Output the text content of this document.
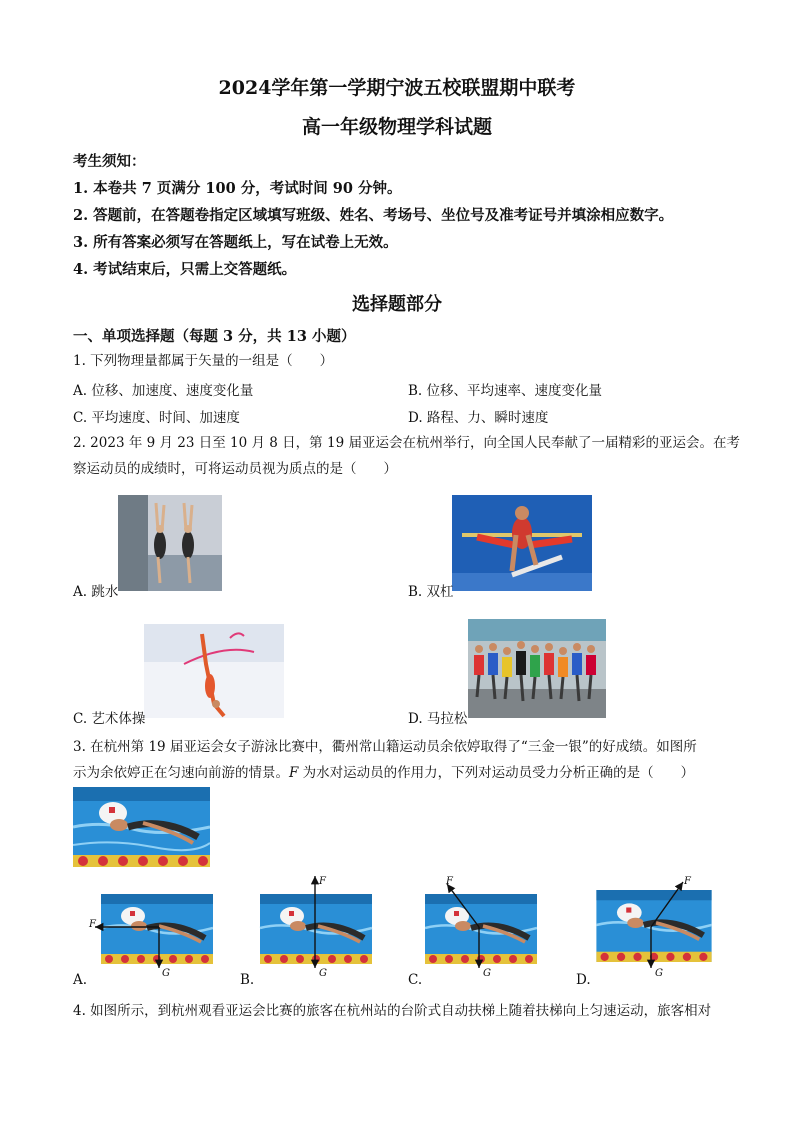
2024学年第一学期宁波五校联盟期中联考
高一年级物理学科试题
考生须知：
1. 本卷共 7 页满分 100 分，考试时间 90 分钟。
2. 答题前，在答题卷指定区域填写班级、姓名、考场号、坐位号及准考证号并填涂相应数字。
3. 所有答案必须写在答题纸上，写在试卷上无效。
4. 考试结束后，只需上交答题纸。
选择题部分
一、单项选择题（每题 3 分，共 13 小题）
1. 下列物理量都属于矢量的一组是（　　）
A. 位移、加速度、速度变化量	B. 位移、平均速率、速度变化量
C. 平均速度、时间、加速度	D. 路程、力、瞬时速度
2. 2023 年 9 月 23 日至 10 月 8 日，第 19 届亚运会在杭州举行，向全国人民奉献了一届精彩的亚运会。在考
察运动员的成绩时，可将运动员视为质点的是（　　）
A. 跳水	B. 双杠
C. 艺术体操	D. 马拉松
3. 在杭州第 19 届亚运会女子游泳比赛中，衢州常山籍运动员余依婷取得了“三金一银”的好成绩。如图所
示为余依婷正在匀速向前游的情景。F 为水对运动员的作用力，下列对运动员受力分析正确的是（　　）
F
G
F
G
F
G
F
G
A.	B.	C.	D.
4. 如图所示，到杭州观看亚运会比赛的旅客在杭州站的台阶式自动扶梯上随着扶梯向上匀速运动，旅客相对
